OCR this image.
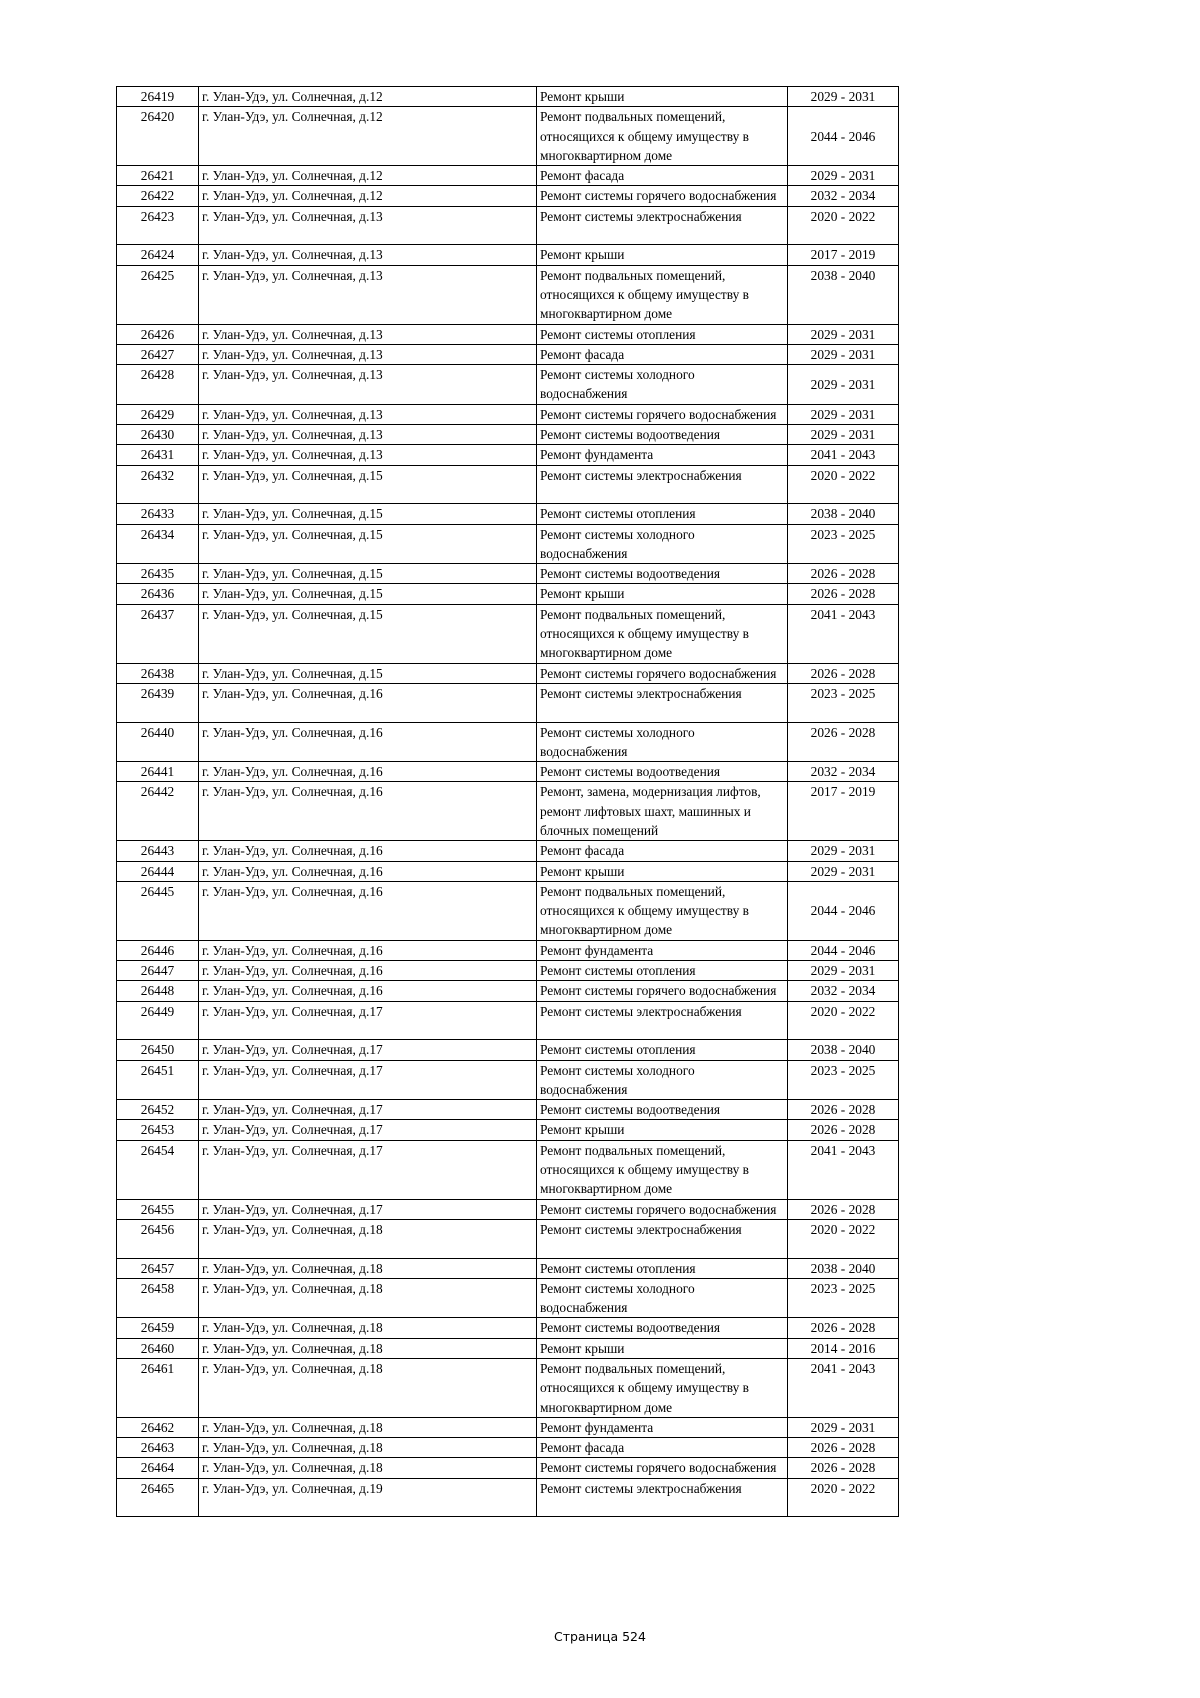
26419	г. Улан-Удэ, ул. Солнечная, д.12	Ремонт крыши	2029 - 2031
26420	г. Улан-Удэ, ул. Солнечная, д.12	Ремонт подвальных помещений, относящихся к общему имуществу в многоквартирном доме	2044 - 2046
26421	г. Улан-Удэ, ул. Солнечная, д.12	Ремонт фасада	2029 - 2031
26422	г. Улан-Удэ, ул. Солнечная, д.12	Ремонт системы горячего водоснабжения	2032 - 2034
26423	г. Улан-Удэ, ул. Солнечная, д.13	Ремонт системы электроснабжения	2020 - 2022
26424	г. Улан-Удэ, ул. Солнечная, д.13	Ремонт крыши	2017 - 2019
26425	г. Улан-Удэ, ул. Солнечная, д.13	Ремонт подвальных помещений, относящихся к общему имуществу в многоквартирном доме	2038 - 2040
26426	г. Улан-Удэ, ул. Солнечная, д.13	Ремонт системы отопления	2029 - 2031
26427	г. Улан-Удэ, ул. Солнечная, д.13	Ремонт фасада	2029 - 2031
26428	г. Улан-Удэ, ул. Солнечная, д.13	Ремонт системы холодного водоснабжения	2029 - 2031
26429	г. Улан-Удэ, ул. Солнечная, д.13	Ремонт системы горячего водоснабжения	2029 - 2031
26430	г. Улан-Удэ, ул. Солнечная, д.13	Ремонт системы водоотведения	2029 - 2031
26431	г. Улан-Удэ, ул. Солнечная, д.13	Ремонт фундамента	2041 - 2043
26432	г. Улан-Удэ, ул. Солнечная, д.15	Ремонт системы электроснабжения	2020 - 2022
26433	г. Улан-Удэ, ул. Солнечная, д.15	Ремонт системы отопления	2038 - 2040
26434	г. Улан-Удэ, ул. Солнечная, д.15	Ремонт системы холодного водоснабжения	2023 - 2025
26435	г. Улан-Удэ, ул. Солнечная, д.15	Ремонт системы водоотведения	2026 - 2028
26436	г. Улан-Удэ, ул. Солнечная, д.15	Ремонт крыши	2026 - 2028
26437	г. Улан-Удэ, ул. Солнечная, д.15	Ремонт подвальных помещений, относящихся к общему имуществу в многоквартирном доме	2041 - 2043
26438	г. Улан-Удэ, ул. Солнечная, д.15	Ремонт системы горячего водоснабжения	2026 - 2028
26439	г. Улан-Удэ, ул. Солнечная, д.16	Ремонт системы электроснабжения	2023 - 2025
26440	г. Улан-Удэ, ул. Солнечная, д.16	Ремонт системы холодного водоснабжения	2026 - 2028
26441	г. Улан-Удэ, ул. Солнечная, д.16	Ремонт системы водоотведения	2032 - 2034
26442	г. Улан-Удэ, ул. Солнечная, д.16	Ремонт, замена, модернизация лифтов, ремонт лифтовых шахт, машинных и блочных помещений	2017 - 2019
26443	г. Улан-Удэ, ул. Солнечная, д.16	Ремонт фасада	2029 - 2031
26444	г. Улан-Удэ, ул. Солнечная, д.16	Ремонт крыши	2029 - 2031
26445	г. Улан-Удэ, ул. Солнечная, д.16	Ремонт подвальных помещений, относящихся к общему имуществу в многоквартирном доме	2044 - 2046
26446	г. Улан-Удэ, ул. Солнечная, д.16	Ремонт фундамента	2044 - 2046
26447	г. Улан-Удэ, ул. Солнечная, д.16	Ремонт системы отопления	2029 - 2031
26448	г. Улан-Удэ, ул. Солнечная, д.16	Ремонт системы горячего водоснабжения	2032 - 2034
26449	г. Улан-Удэ, ул. Солнечная, д.17	Ремонт системы электроснабжения	2020 - 2022
26450	г. Улан-Удэ, ул. Солнечная, д.17	Ремонт системы отопления	2038 - 2040
26451	г. Улан-Удэ, ул. Солнечная, д.17	Ремонт системы холодного водоснабжения	2023 - 2025
26452	г. Улан-Удэ, ул. Солнечная, д.17	Ремонт системы водоотведения	2026 - 2028
26453	г. Улан-Удэ, ул. Солнечная, д.17	Ремонт крыши	2026 - 2028
26454	г. Улан-Удэ, ул. Солнечная, д.17	Ремонт подвальных помещений, относящихся к общему имуществу в многоквартирном доме	2041 - 2043
26455	г. Улан-Удэ, ул. Солнечная, д.17	Ремонт системы горячего водоснабжения	2026 - 2028
26456	г. Улан-Удэ, ул. Солнечная, д.18	Ремонт системы электроснабжения	2020 - 2022
26457	г. Улан-Удэ, ул. Солнечная, д.18	Ремонт системы отопления	2038 - 2040
26458	г. Улан-Удэ, ул. Солнечная, д.18	Ремонт системы холодного водоснабжения	2023 - 2025
26459	г. Улан-Удэ, ул. Солнечная, д.18	Ремонт системы водоотведения	2026 - 2028
26460	г. Улан-Удэ, ул. Солнечная, д.18	Ремонт крыши	2014 - 2016
26461	г. Улан-Удэ, ул. Солнечная, д.18	Ремонт подвальных помещений, относящихся к общему имуществу в многоквартирном доме	2041 - 2043
26462	г. Улан-Удэ, ул. Солнечная, д.18	Ремонт фундамента	2029 - 2031
26463	г. Улан-Удэ, ул. Солнечная, д.18	Ремонт фасада	2026 - 2028
26464	г. Улан-Удэ, ул. Солнечная, д.18	Ремонт системы горячего водоснабжения	2026 - 2028
26465	г. Улан-Удэ, ул. Солнечная, д.19	Ремонт системы электроснабжения	2020 - 2022
Страница 524
